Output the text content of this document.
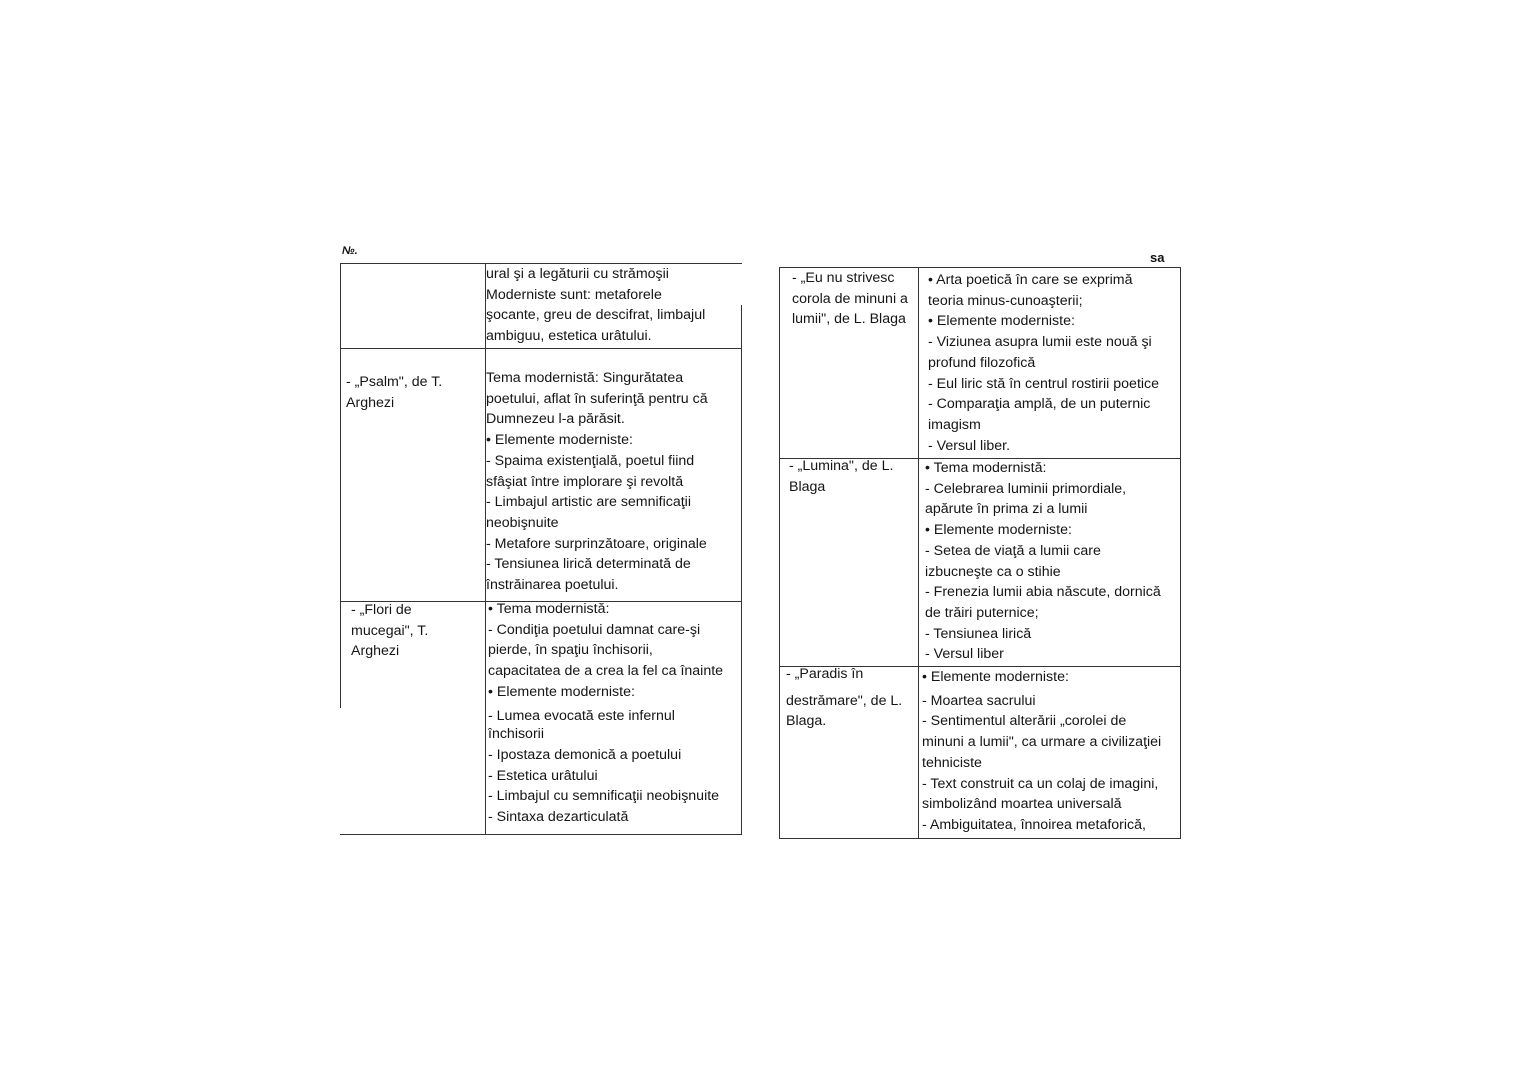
№.	sa
ural şi a legăturii cu strămoşii
Moderniste sunt: metaforele
şocante, greu de descifrat, limbajul
ambiguu, estetica urâtului.
- „Psalm", de T.
Arghezi
Tema modernistă: Singurătatea
poetului, aflat în suferinţă pentru că
Dumnezeu l-a părăsit.
• Elemente moderniste:
- Spaima existenţială, poetul fiind
sfâşiat între implorare şi revoltă
- Limbajul artistic are semnificaţii
neobişnuite
- Metafore surprinzătoare, originale
- Tensiunea lirică determinată de
înstrăinarea poetului.
- „Flori de
mucegai", T.
Arghezi
• Tema modernistă:
- Condiţia poetului damnat care-şi
pierde, în spaţiu închisorii,
capacitatea de a crea la fel ca înainte
• Elemente moderniste:
- Lumea evocată este infernul
închisorii
- Ipostaza demonică a poetului
- Estetica urâtului
- Limbajul cu semnificaţii neobişnuite
- Sintaxa dezarticulată
- „Eu nu strivesc
corola de minuni a
lumii", de L. Blaga
• Arta poetică în care se exprimă
teoria minus-cunoaşterii;
• Elemente moderniste:
- Viziunea asupra lumii este nouă şi
profund filozofică
- Eul liric stă în centrul rostirii poetice
- Comparaţia amplă, de un puternic
imagism
- Versul liber.
- „Lumina", de L.
Blaga
• Tema modernistă:
- Celebrarea luminii primordiale,
apărute în prima zi a lumii
• Elemente moderniste:
- Setea de viaţă a lumii care
izbucneşte ca o stihie
- Frenezia lumii abia născute, dornică
de trăiri puternice;
- Tensiunea lirică
- Versul liber
- „Paradis în
destrămare", de L.
Blaga.
• Elemente moderniste:
- Moartea sacrului
- Sentimentul alterării „corolei de
minuni a lumii", ca urmare a civilizaţiei
tehniciste
- Text construit ca un colaj de imagini,
simbolizând moartea universală
- Ambiguitatea, înnoirea metaforică,
